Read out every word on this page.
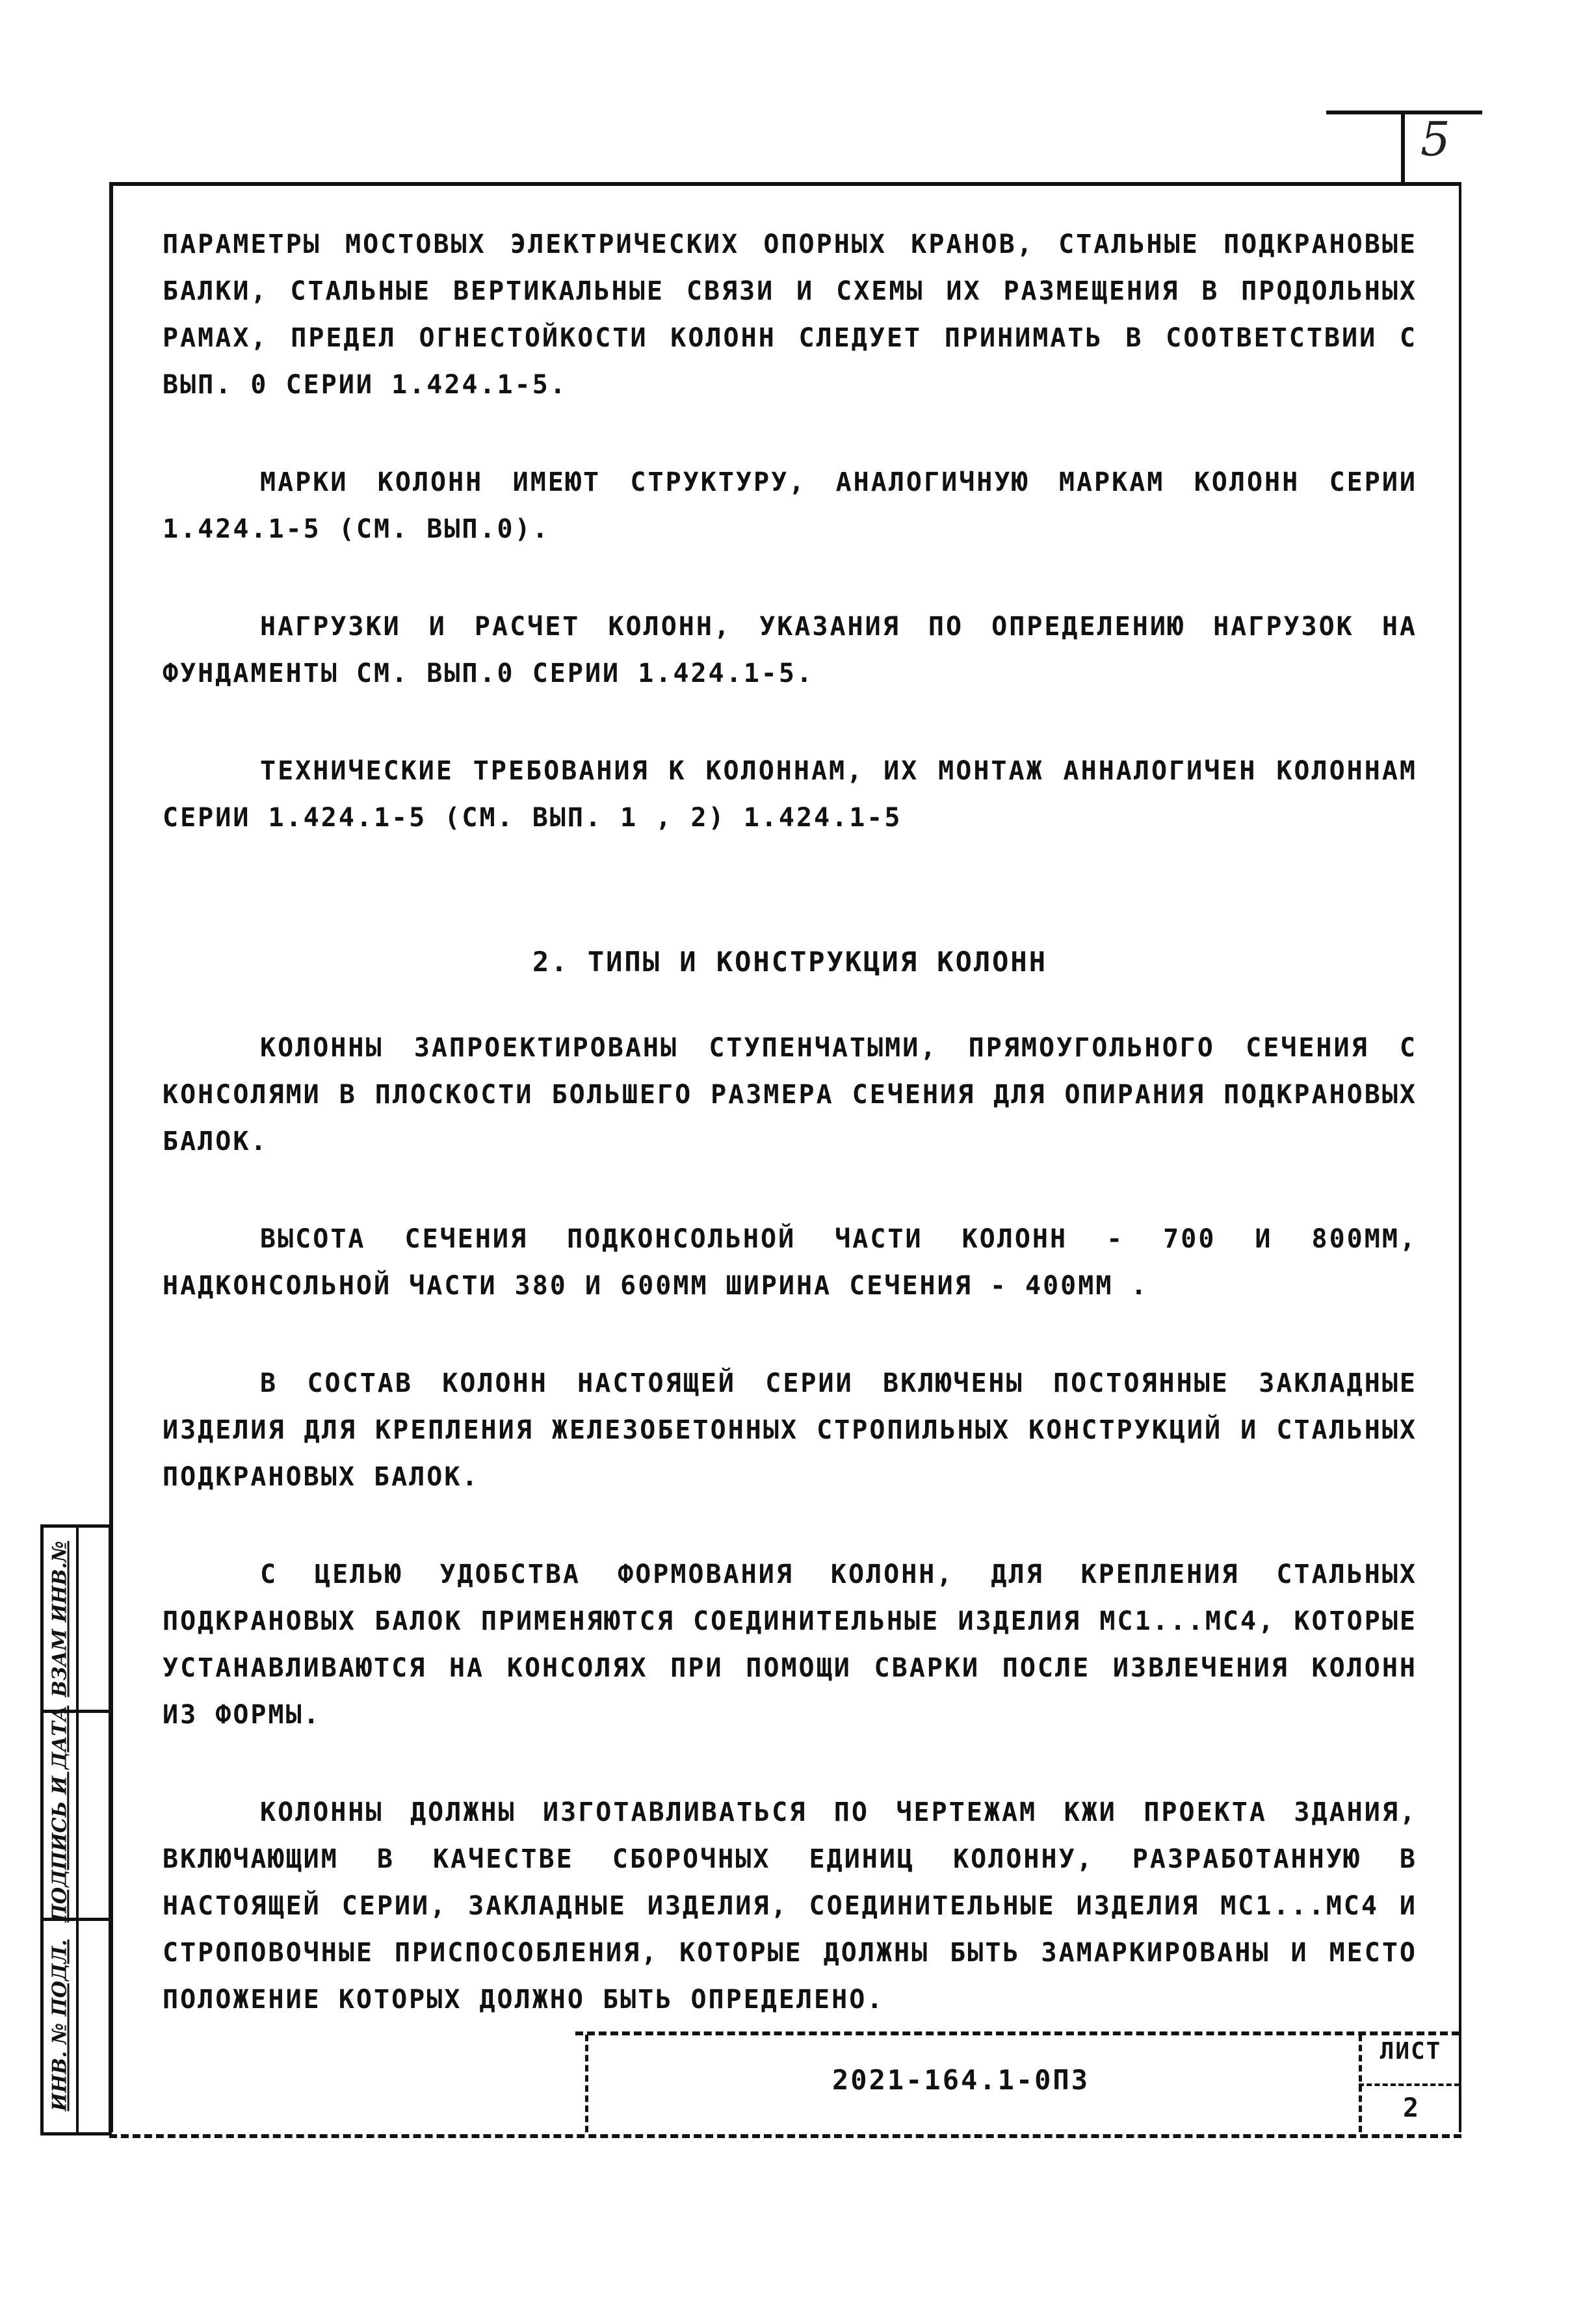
5

ПАРАМЕТРЫ МОСТОВЫХ ЭЛЕКТРИЧЕСКИХ ОПОРНЫХ КРАНОВ, СТАЛЬНЫЕ ПОДКРАНОВЫЕ БАЛКИ, СТАЛЬНЫЕ ВЕРТИКАЛЬНЫЕ СВЯЗИ И СХЕМЫ ИХ РАЗМЕЩЕНИЯ В ПРОДОЛЬНЫХ РАМАХ, ПРЕДЕЛ ОГНЕСТОЙКОСТИ КОЛОНН СЛЕДУЕТ ПРИНИМАТЬ В СООТВЕТСТВИИ С ВЫП. 0 СЕРИИ 1.424.1-5.

МАРКИ КОЛОНН ИМЕЮТ СТРУКТУРУ, АНАЛОГИЧНУЮ МАРКАМ КОЛОНН СЕРИИ 1.424.1-5 (СМ. ВЫП.0).

НАГРУЗКИ И РАСЧЕТ КОЛОНН, УКАЗАНИЯ ПО ОПРЕДЕЛЕНИЮ НАГРУЗОК НА ФУНДАМЕНТЫ СМ. ВЫП.0 СЕРИИ 1.424.1-5.

ТЕХНИЧЕСКИЕ ТРЕБОВАНИЯ К КОЛОННАМ, ИХ МОНТАЖ АННАЛОГИЧЕН КОЛОННАМ СЕРИИ 1.424.1-5 (СМ. ВЫП. 1 , 2) 1.424.1-5

2. ТИПЫ И КОНСТРУКЦИЯ КОЛОНН

КОЛОННЫ ЗАПРОЕКТИРОВАНЫ СТУПЕНЧАТЫМИ, ПРЯМОУГОЛЬНОГО СЕЧЕНИЯ С КОНСОЛЯМИ В ПЛОСКОСТИ БОЛЬШЕГО РАЗМЕРА СЕЧЕНИЯ ДЛЯ ОПИРАНИЯ ПОДКРАНОВЫХ БАЛОК.

ВЫСОТА СЕЧЕНИЯ ПОДКОНСОЛЬНОЙ ЧАСТИ КОЛОНН - 700 И 800ММ, НАДКОНСОЛЬНОЙ ЧАСТИ 380 И 600ММ ШИРИНА СЕЧЕНИЯ - 400ММ .

В СОСТАВ КОЛОНН НАСТОЯЩЕЙ СЕРИИ ВКЛЮЧЕНЫ ПОСТОЯННЫЕ ЗАКЛАДНЫЕ ИЗДЕЛИЯ ДЛЯ КРЕПЛЕНИЯ ЖЕЛЕЗОБЕТОННЫХ СТРОПИЛЬНЫХ КОНСТРУКЦИЙ И СТАЛЬНЫХ ПОДКРАНОВЫХ БАЛОК.

С ЦЕЛЬЮ УДОБСТВА ФОРМОВАНИЯ КОЛОНН, ДЛЯ КРЕПЛЕНИЯ СТАЛЬНЫХ ПОДКРАНОВЫХ БАЛОК ПРИМЕНЯЮТСЯ СОЕДИНИТЕЛЬНЫЕ ИЗДЕЛИЯ МС1...МС4, КОТОРЫЕ УСТАНАВЛИВАЮТСЯ НА КОНСОЛЯХ ПРИ ПОМОЩИ СВАРКИ ПОСЛЕ ИЗВЛЕЧЕНИЯ КОЛОНН ИЗ ФОРМЫ.

КОЛОННЫ ДОЛЖНЫ ИЗГОТАВЛИВАТЬСЯ ПО ЧЕРТЕЖАМ КЖИ ПРОЕКТА ЗДАНИЯ, ВКЛЮЧАЮЩИМ В КАЧЕСТВЕ СБОРОЧНЫХ ЕДИНИЦ КОЛОННУ, РАЗРАБОТАННУЮ В НАСТОЯЩЕЙ СЕРИИ, ЗАКЛАДНЫЕ ИЗДЕЛИЯ, СОЕДИНИТЕЛЬНЫЕ ИЗДЕЛИЯ МС1...МС4 И СТРОПОВОЧНЫЕ ПРИСПОСОБЛЕНИЯ, КОТОРЫЕ ДОЛЖНЫ БЫТЬ ЗАМАРКИРОВАНЫ И МЕСТО ПОЛОЖЕНИЕ КОТОРЫХ ДОЛЖНО БЫТЬ ОПРЕДЕЛЕНО.

ВЗАМ ИНВ.№
ПОДПИСЬ И ДАТА
ИНВ. № ПОДЛ.	2021-164.1-0ПЗ
ЛИСТ
2
